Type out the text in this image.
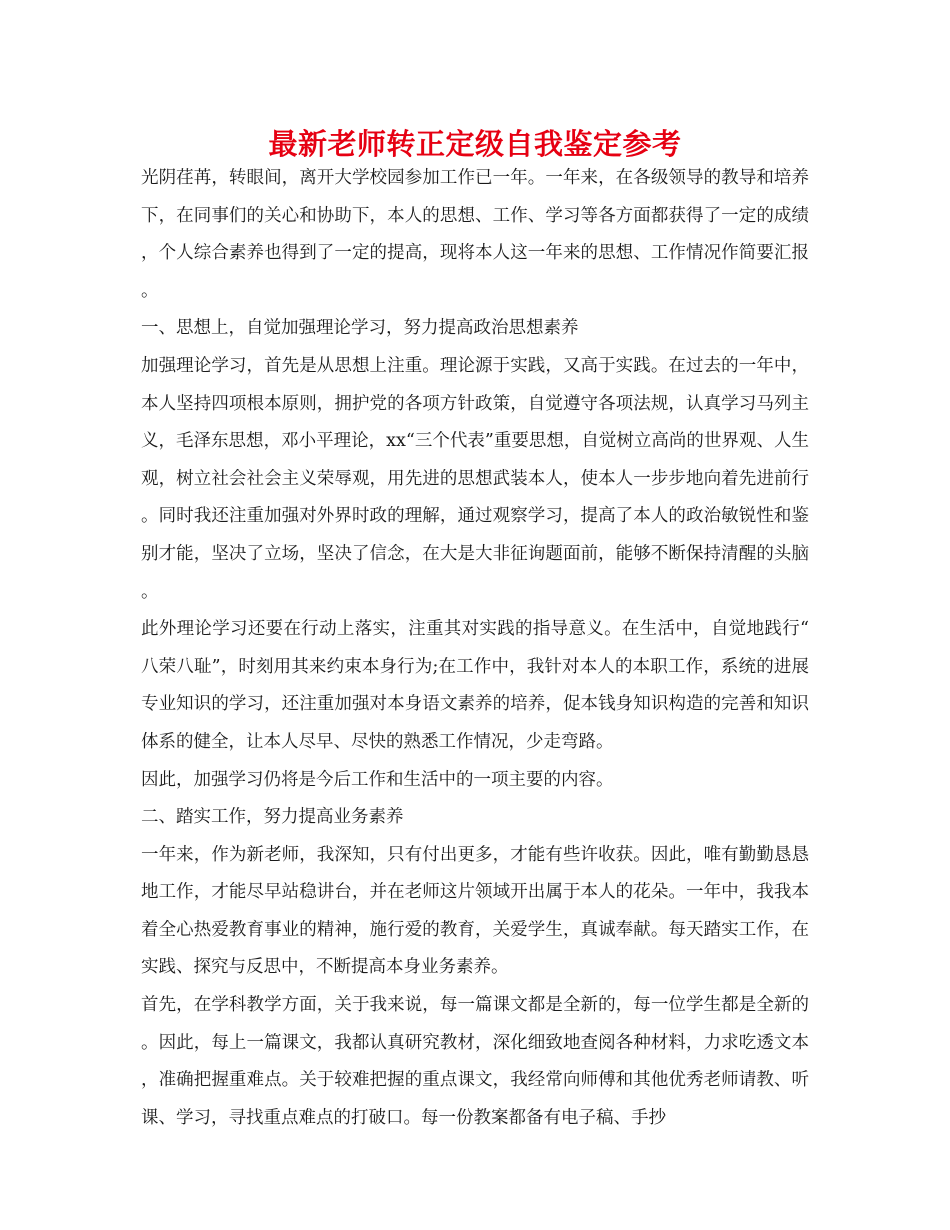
最新老师转正定级自我鉴定参考

光阴荏苒，转眼间，离开大学校园参加工作已一年。一年来，在各级领导的教导和培养下，在同事们的关心和协助下，本人的思想、工作、学习等各方面都获得了一定的成绩，个人综合素养也得到了一定的提高，现将本人这一年来的思想、工作情况作简要汇报。

一、思想上，自觉加强理论学习，努力提高政治思想素养

加强理论学习，首先是从思想上注重。理论源于实践，又高于实践。在过去的一年中，本人坚持四项根本原则，拥护党的各项方针政策，自觉遵守各项法规，认真学习马列主义，毛泽东思想，邓小平理论，xx“三个代表”重要思想，自觉树立高尚的世界观、人生观，树立社会社会主义荣辱观，用先进的思想武装本人，使本人一步步地向着先进前行。同时我还注重加强对外界时政的理解，通过观察学习，提高了本人的政治敏锐性和鉴别才能，坚决了立场，坚决了信念，在大是大非征询题面前，能够不断保持清醒的头脑。

此外理论学习还要在行动上落实，注重其对实践的指导意义。在生活中，自觉地践行“八荣八耻”，时刻用其来约束本身行为;在工作中，我针对本人的本职工作，系统的进展专业知识的学习，还注重加强对本身语文素养的培养，促本钱身知识构造的完善和知识体系的健全，让本人尽早、尽快的熟悉工作情况，少走弯路。

因此，加强学习仍将是今后工作和生活中的一项主要的内容。

二、踏实工作，努力提高业务素养

一年来，作为新老师，我深知，只有付出更多，才能有些许收获。因此，唯有勤勤恳恳地工作，才能尽早站稳讲台，并在老师这片领域开出属于本人的花朵。一年中，我我本着全心热爱教育事业的精神，施行爱的教育，关爱学生，真诚奉献。每天踏实工作，在实践、探究与反思中，不断提高本身业务素养。

首先，在学科教学方面，关于我来说，每一篇课文都是全新的，每一位学生都是全新的。因此，每上一篇课文，我都认真研究教材，深化细致地查阅各种材料，力求吃透文本，准确把握重难点。关于较难把握的重点课文，我经常向师傅和其他优秀老师请教、听课、学习，寻找重点难点的打破口。每一份教案都备有电子稿、手抄
